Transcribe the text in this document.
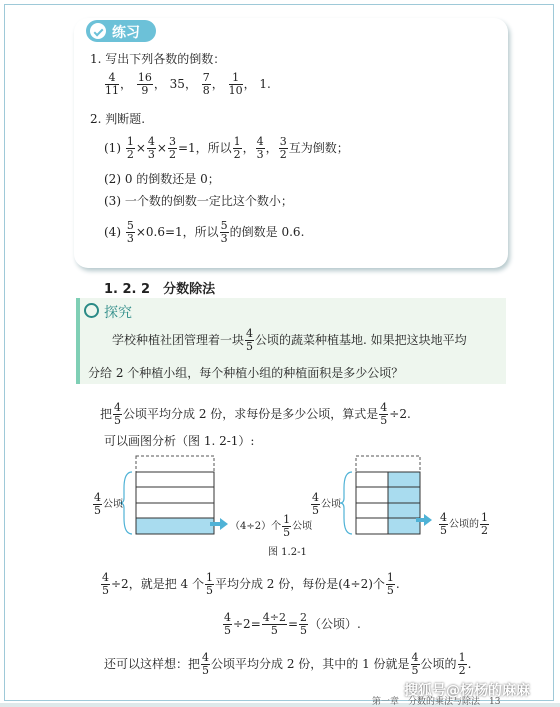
练习
1. 写出下列各数的倒数：
$\frac{4}{11}$ ， $\frac{16}{9}$ ， 35， $\frac{7}{8}$ ， $\frac{1}{10}$ ， 1.
2. 判断题.
$(1) \frac{1}{2} \times \frac{4}{3} \times \frac{3}{2} =1$，所以 $\frac{1}{2}$ ， $\frac{4}{3}$ ， $\frac{3}{2}$ 互为倒数；
(2) 0 的倒数还是 0；
(3) 一个数的倒数一定比这个数小；
$(4) \frac{5}{3} \times 0.6=1$，所以 $\frac{5}{3}$ 的倒数是 0.6.
1. 2. 2　分数除法
探究
学校种植社团管理着一块 $\frac{4}{5}$ 公顷的蔬菜种植基地. 如果把这块地平均
分给 2 个种植小组，每个种植小组的种植面积是多少公顷？
把 $\frac{4}{5}$ 公顷平均分成 2 份，求每份是多少公顷，算式是 $\frac{4}{5} \div 2$.
可以画图分析（图 1. 2-1）:
$\frac{4}{5}$ 公顷
（4÷2）个 $\frac{1}{5}$ 公顷
$\frac{4}{5}$ 公顷
$\frac{4}{5}$ 公顷的 $\frac{1}{2}$
图 1.2-1
$\frac{4}{5} \div 2$，就是把 4 个 $\frac{1}{5}$ 平均分成 2 份，每份是(4÷2)个 $\frac{1}{5}$ .
$\frac{4}{5} \div 2= \frac{4\div 2}{5} = \frac{2}{5}$ （公顷）.
还可以这样想：把 $\frac{4}{5}$ 公顷平均分成 2 份，其中的 1 份就是 $\frac{4}{5}$ 公顷的 $\frac{1}{2}$ .
第一章　分数的乘法与除法　13
搜狐号@杨杨的麻麻
